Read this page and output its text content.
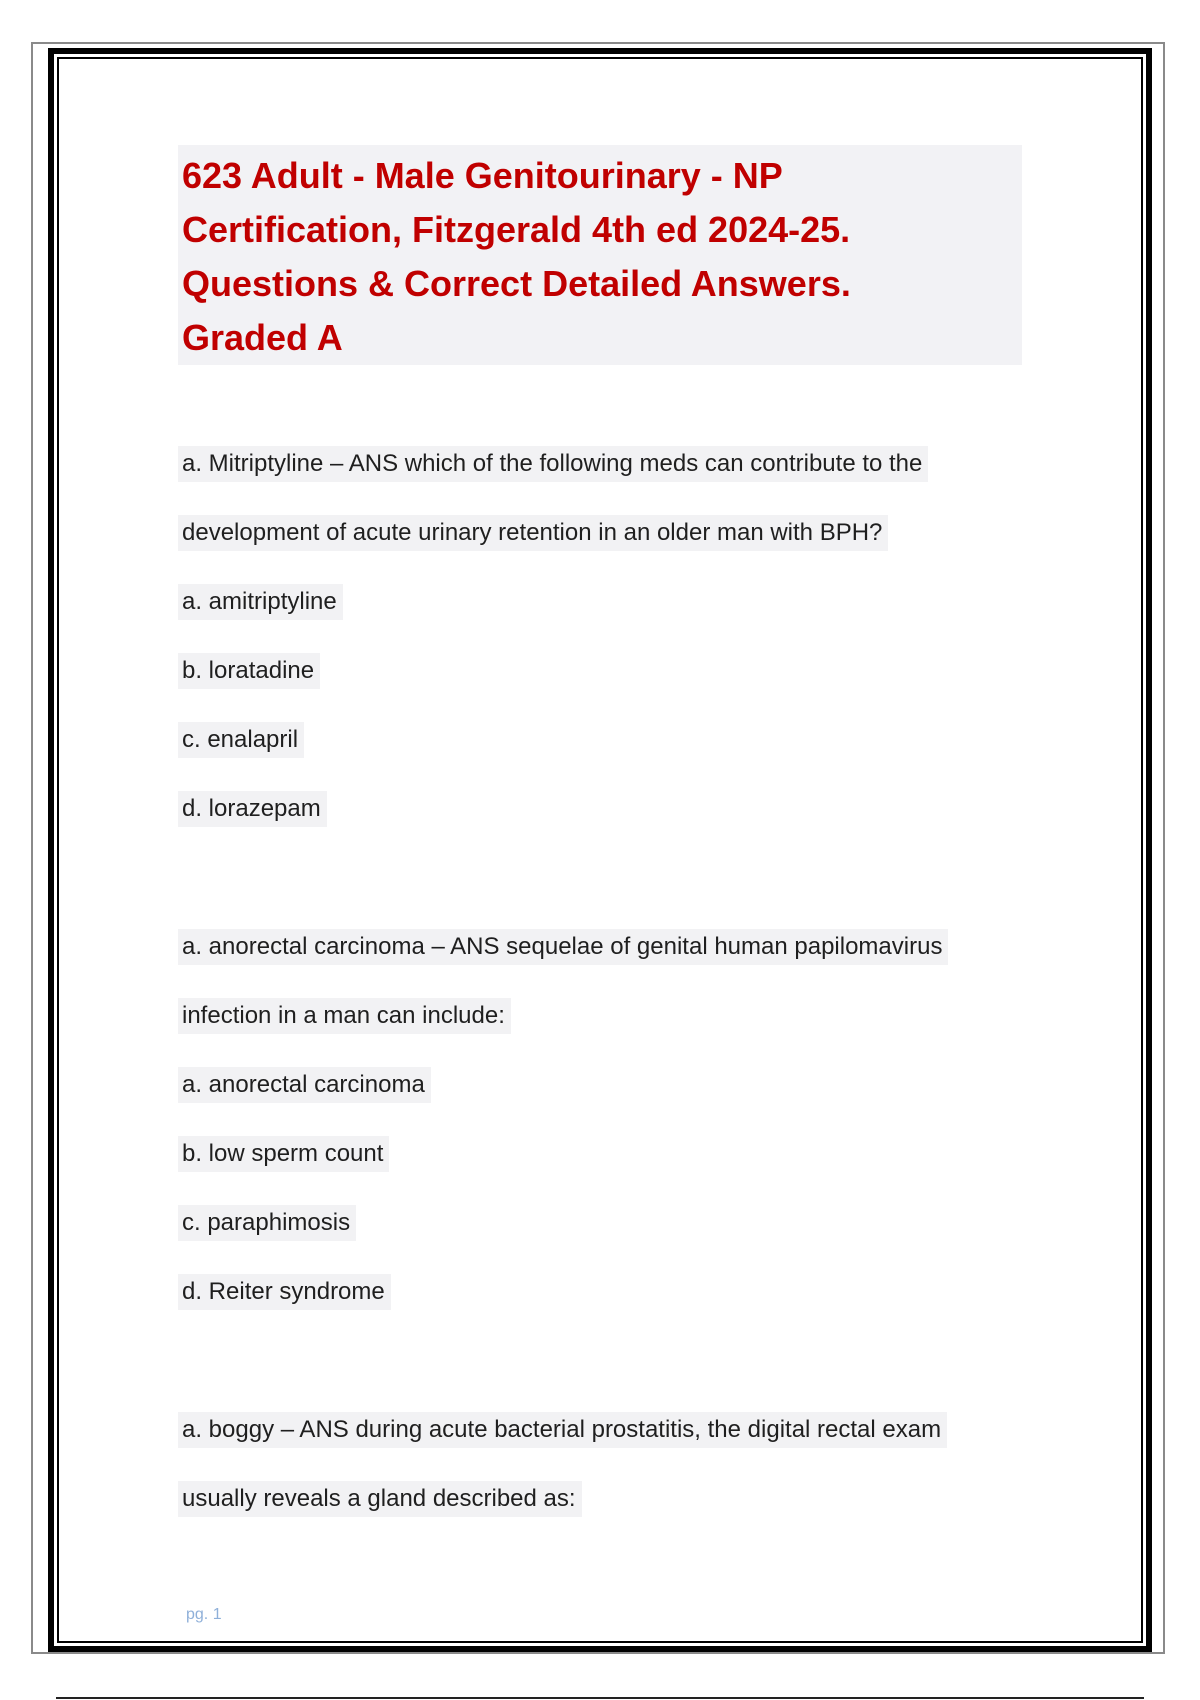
623 Adult - Male Genitourinary - NP
Certification, Fitzgerald 4th ed 2024-25.
Questions & Correct Detailed Answers.
Graded A
a. Mitriptyline – ANS which of the following meds can contribute to the
development of acute urinary retention in an older man with BPH?
a. amitriptyline
b. loratadine
c. enalapril
d. lorazepam
a. anorectal carcinoma – ANS sequelae of genital human papilomavirus
infection in a man can include:
a. anorectal carcinoma
b. low sperm count
c. paraphimosis
d. Reiter syndrome
a. boggy – ANS during acute bacterial prostatitis, the digital rectal exam
usually reveals a gland described as:
pg. 1
